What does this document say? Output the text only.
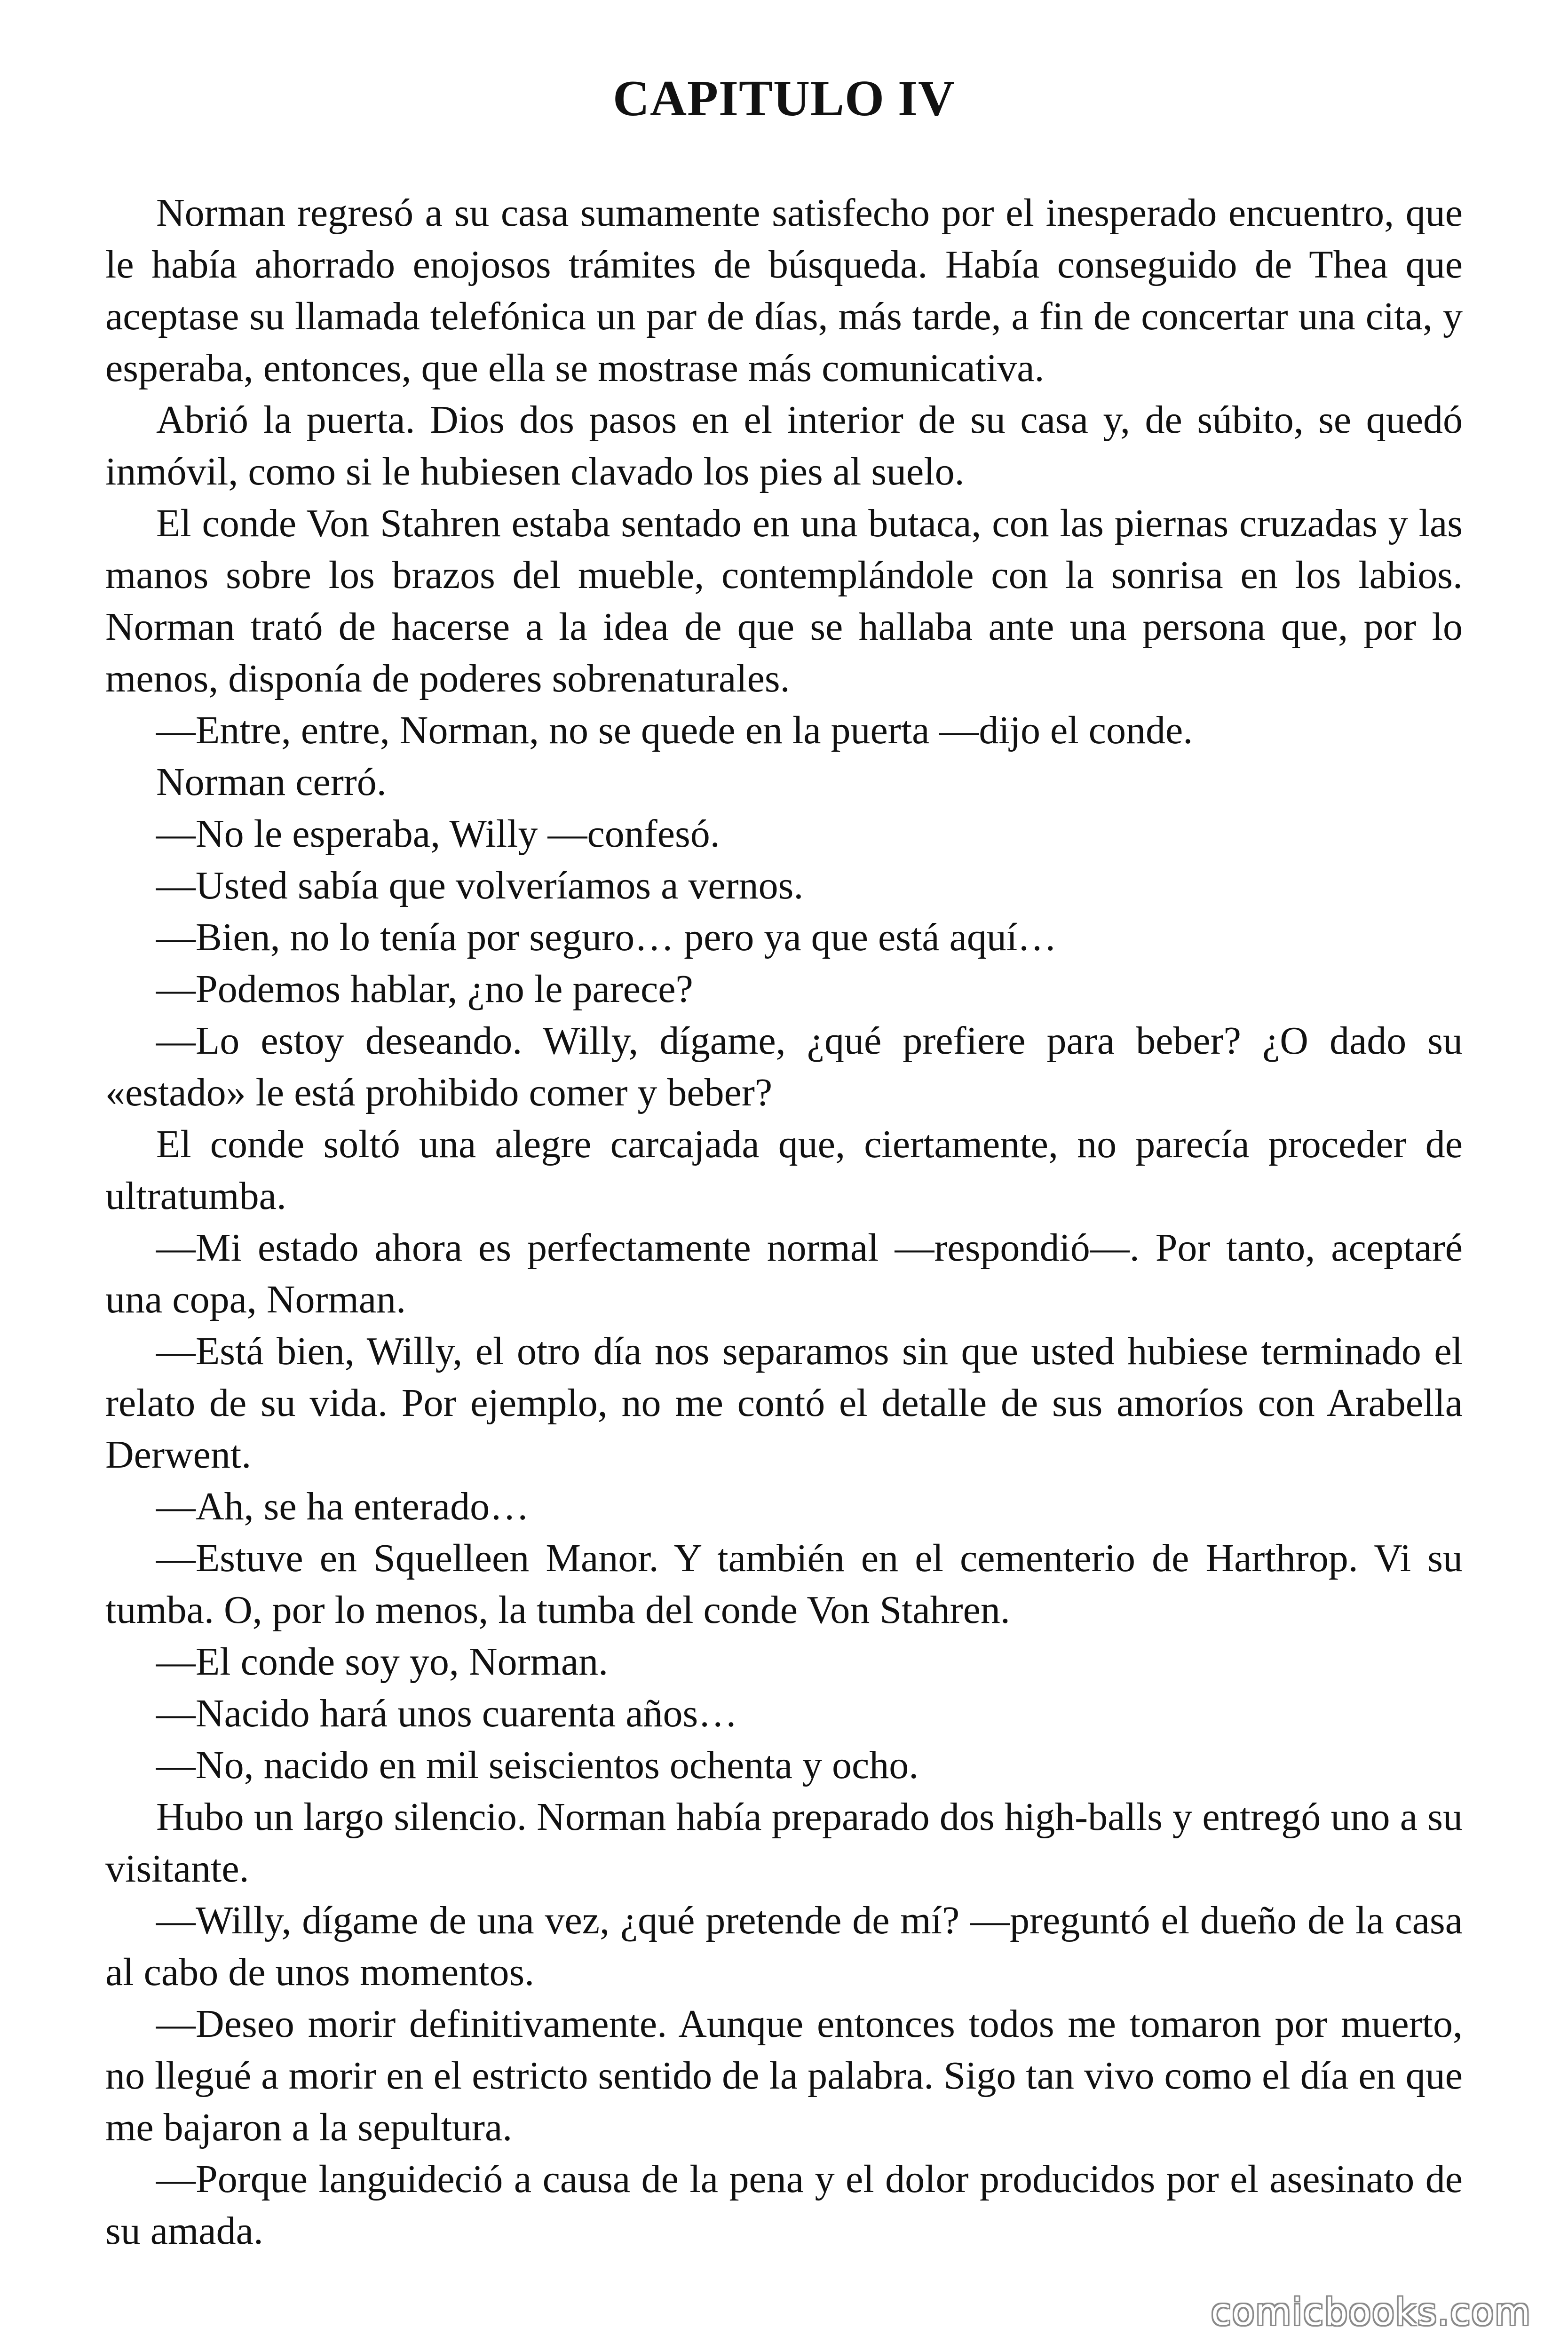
CAPITULO IV

Norman regresó a su casa sumamente satisfecho por el inesperado encuentro, que le había ahorrado enojosos trámites de búsqueda. Había conseguido de Thea que aceptase su llamada telefónica un par de días, más tarde, a fin de concertar una cita, y esperaba, entonces, que ella se mostrase más comunicativa.

Abrió la puerta. Dios dos pasos en el interior de su casa y, de súbito, se quedó inmóvil, como si le hubiesen clavado los pies al suelo.

El conde Von Stahren estaba sentado en una butaca, con las piernas cruzadas y las manos sobre los brazos del mueble, contemplándole con la sonrisa en los labios. Norman trató de hacerse a la idea de que se hallaba ante una persona que, por lo menos, disponía de poderes sobrenaturales.

—Entre, entre, Norman, no se quede en la puerta —dijo el conde.

Norman cerró.

—No le esperaba, Willy —confesó.

—Usted sabía que volveríamos a vernos.

—Bien, no lo tenía por seguro… pero ya que está aquí…

—Podemos hablar, ¿no le parece?

—Lo estoy deseando. Willy, dígame, ¿qué prefiere para beber? ¿O dado su «estado» le está prohibido comer y beber?

El conde soltó una alegre carcajada que, ciertamente, no parecía proceder de ultratumba.

—Mi estado ahora es perfectamente normal —respondió—. Por tanto, aceptaré una copa, Norman.

—Está bien, Willy, el otro día nos separamos sin que usted hubiese terminado el relato de su vida. Por ejemplo, no me contó el detalle de sus amoríos con Arabella Derwent.

—Ah, se ha enterado…

—Estuve en Squelleen Manor. Y también en el cementerio de Harthrop. Vi su tumba. O, por lo menos, la tumba del conde Von Stahren.

—El conde soy yo, Norman.

—Nacido hará unos cuarenta años…

—No, nacido en mil seiscientos ochenta y ocho.

Hubo un largo silencio. Norman había preparado dos high-balls y entregó uno a su visitante.

—Willy, dígame de una vez, ¿qué pretende de mí? —preguntó el dueño de la casa al cabo de unos momentos.

—Deseo morir definitivamente. Aunque entonces todos me tomaron por muerto, no llegué a morir en el estricto sentido de la palabra. Sigo tan vivo como el día en que me bajaron a la sepultura.

—Porque languideció a causa de la pena y el dolor producidos por el asesinato de su amada.

comicbooks.com
